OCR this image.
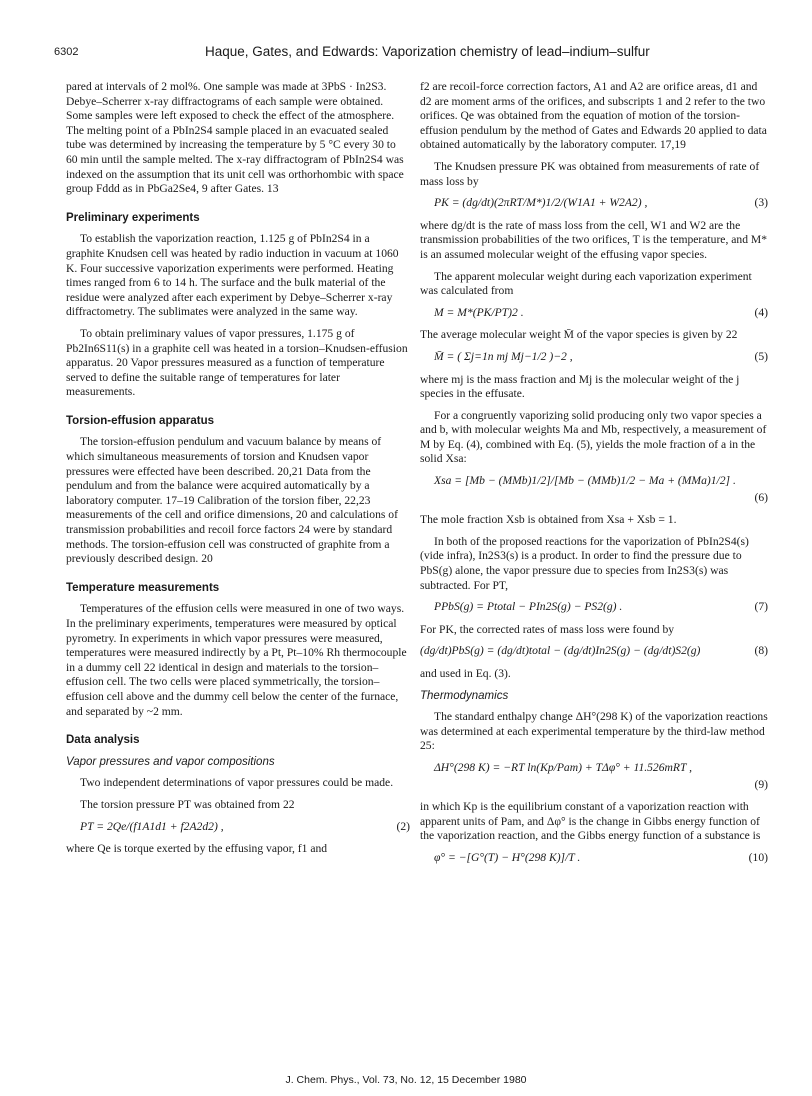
6302	Haque, Gates, and Edwards: Vaporization chemistry of lead–indium–sulfur

pared at intervals of 2 mol%. One sample was made at 3PbS · In2S3. Debye–Scherrer x-ray diffractograms of each sample were obtained. Some samples were left exposed to check the effect of the atmosphere. The melting point of a PbIn2S4 sample placed in an evacuated sealed tube was determined by increasing the temperature by 5 °C every 30 to 60 min until the sample melted. The x-ray diffractogram of PbIn2S4 was indexed on the assumption that its unit cell was orthorhombic with space group Fddd as in PbGa2Se4, 9 after Gates. 13

Preliminary experiments

To establish the vaporization reaction, 1.125 g of PbIn2S4 in a graphite Knudsen cell was heated by radio induction in vacuum at 1060 K. Four successive vaporization experiments were performed. Heating times ranged from 6 to 14 h. The surface and the bulk material of the residue were analyzed after each experiment by Debye–Scherrer x-ray diffractometry. The sublimates were analyzed in the same way.

To obtain preliminary values of vapor pressures, 1.175 g of Pb2In6S11(s) in a graphite cell was heated in a torsion–Knudsen-effusion apparatus. 20 Vapor pressures measured as a function of temperature served to define the suitable range of temperatures for later measurements.

Torsion-effusion apparatus

The torsion-effusion pendulum and vacuum balance by means of which simultaneous measurements of torsion and Knudsen vapor pressures were effected have been described. 20,21 Data from the pendulum and from the balance were acquired automatically by a laboratory computer. 17–19 Calibration of the torsion fiber, 22,23 measurements of the cell and orifice dimensions, 20 and calculations of transmission probabilities and recoil force factors 24 were by standard methods. The torsion-effusion cell was constructed of graphite from a previously described design. 20

Temperature measurements

Temperatures of the effusion cells were measured in one of two ways. In the preliminary experiments, temperatures were measured by optical pyrometry. In experiments in which vapor pressures were measured, temperatures were measured indirectly by a Pt, Pt–10% Rh thermocouple in a dummy cell 22 identical in design and materials to the torsion–effusion cell. The two cells were placed symmetrically, the torsion–effusion cell above and the dummy cell below the center of the furnace, and separated by ~2 mm.

Data analysis
Vapor pressures and vapor compositions

Two independent determinations of vapor pressures could be made.

The torsion pressure PT was obtained from 22

PT = 2Qe/(f1A1d1 + f2A2d2) ,	(2)

where Qe is torque exerted by the effusing vapor, f1 and

f2 are recoil-force correction factors, A1 and A2 are orifice areas, d1 and d2 are moment arms of the orifices, and subscripts 1 and 2 refer to the two orifices. Qe was obtained from the equation of motion of the torsion-effusion pendulum by the method of Gates and Edwards 20 applied to data obtained automatically by the laboratory computer. 17,19

The Knudsen pressure PK was obtained from measurements of rate of mass loss by

PK = (dg/dt)(2πRT/M*)1/2/(W1A1 + W2A2) ,	(3)

where dg/dt is the rate of mass loss from the cell, W1 and W2 are the transmission probabilities of the two orifices, T is the temperature, and M* is an assumed molecular weight of the effusing vapor species.

The apparent molecular weight during each vaporization experiment was calculated from

M = M*(PK/PT)2 .	(4)

The average molecular weight M̄ of the vapor species is given by 22

M̄ = ( Σj=1n mj Mj−1/2 )−2 ,	(5)

where mj is the mass fraction and Mj is the molecular weight of the j species in the effusate.

For a congruently vaporizing solid producing only two vapor species a and b, with molecular weights Ma and Mb, respectively, a measurement of M by Eq. (4), combined with Eq. (5), yields the mole fraction of a in the solid Xsa:

Xsa = [Mb − (MMb)1/2]/[Mb − (MMb)1/2 − Ma + (MMa)1/2] .
(6)

The mole fraction Xsb is obtained from Xsa + Xsb = 1.

In both of the proposed reactions for the vaporization of PbIn2S4(s) (vide infra), In2S3(s) is a product. In order to find the pressure due to PbS(g) alone, the vapor pressure due to species from In2S3(s) was subtracted. For PT,

PPbS(g) = Ptotal − PIn2S(g) − PS2(g) .	(7)

For PK, the corrected rates of mass loss were found by

(dg/dt)PbS(g) = (dg/dt)total − (dg/dt)In2S(g) − (dg/dt)S2(g)	(8)

and used in Eq. (3).

Thermodynamics

The standard enthalpy change ΔH°(298 K) of the vaporization reactions was determined at each experimental temperature by the third-law method 25:

ΔH°(298 K) = −RT ln(Kp/Pam) + TΔφ° + 11.526mRT ,
(9)

in which Kp is the equilibrium constant of a vaporization reaction with apparent units of Pam, and Δφ° is the change in Gibbs energy function of the vaporization reaction, and the Gibbs energy function of a substance is

φ° = −[G°(T) − H°(298 K)]/T .	(10)
J. Chem. Phys., Vol. 73, No. 12, 15 December 1980
